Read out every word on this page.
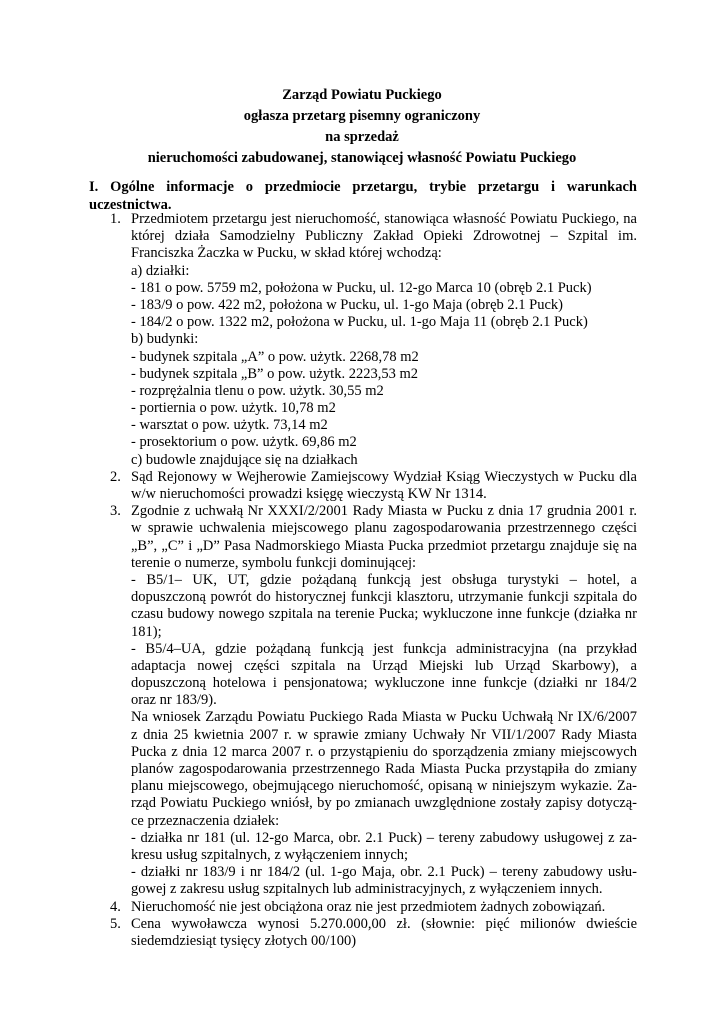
Zarząd Powiatu Puckiego
ogłasza przetarg pisemny ograniczony
na sprzedaż
nieruchomości zabudowanej, stanowiącej własność Powiatu Puckiego
I. Ogólne informacje o przedmiocie przetargu, trybie przetargu i warunkach
uczestnictwa.
1. Przedmiotem przetargu jest nieruchomość, stanowiąca własność Powiatu Puckiego, na
której działa Samodzielny Publiczny Zakład Opieki Zdrowotnej – Szpital im.
Franciszka Żaczka w Pucku, w skład której wchodzą:
a) działki:
- 181 o pow. 5759 m2, położona w Pucku, ul. 12-go Marca 10 (obręb 2.1 Puck)
- 183/9 o pow. 422 m2, położona w Pucku, ul. 1-go Maja (obręb 2.1 Puck)
- 184/2 o pow. 1322 m2, położona w Pucku, ul. 1-go Maja 11 (obręb 2.1 Puck)
b) budynki:
- budynek szpitala „A” o pow. użytk. 2268,78 m2
- budynek szpitala „B” o pow. użytk. 2223,53 m2
- rozprężalnia tlenu o pow. użytk. 30,55 m2
- portiernia o pow. użytk. 10,78 m2
- warsztat o pow. użytk. 73,14 m2
- prosektorium o pow. użytk. 69,86 m2
c) budowle znajdujące się na działkach
2. Sąd Rejonowy w Wejherowie Zamiejscowy Wydział Ksiąg Wieczystych w Pucku dla
w/w nieruchomości prowadzi księgę wieczystą KW Nr 1314.
3. Zgodnie z uchwałą Nr XXXI/2/2001 Rady Miasta w Pucku z dnia 17 grudnia 2001 r.
w sprawie uchwalenia miejscowego planu zagospodarowania przestrzennego części
„B”, „C” i „D” Pasa Nadmorskiego Miasta Pucka przedmiot przetargu znajduje się na
terenie o numerze, symbolu funkcji dominującej:
- B5/1– UK, UT, gdzie pożądaną funkcją jest obsługa turystyki – hotel, a
dopuszczoną powrót do historycznej funkcji klasztoru, utrzymanie funkcji szpitala do
czasu budowy nowego szpitala na terenie Pucka; wykluczone inne funkcje (działka nr
181);
- B5/4–UA, gdzie pożądaną funkcją jest funkcja administracyjna (na przykład
adaptacja nowej części szpitala na Urząd Miejski lub Urząd Skarbowy), a
dopuszczoną hotelowa i pensjonatowa; wykluczone inne funkcje (działki nr 184/2
oraz nr 183/9).
Na wniosek Zarządu Powiatu Puckiego Rada Miasta w Pucku Uchwałą Nr IX/6/2007
z dnia 25 kwietnia 2007 r. w sprawie zmiany Uchwały Nr VII/1/2007 Rady Miasta
Pucka z dnia 12 marca 2007 r. o przystąpieniu do sporządzenia zmiany miejscowych
planów zagospodarowania przestrzennego Rada Miasta Pucka przystąpiła do zmiany
planu miejscowego, obejmującego nieruchomość, opisaną w niniejszym wykazie. Za-
rząd Powiatu Puckiego wniósł, by po zmianach uwzględnione zostały zapisy dotyczą-
ce przeznaczenia działek:
- działka nr 181 (ul. 12-go Marca, obr. 2.1 Puck) – tereny zabudowy usługowej z za-
kresu usług szpitalnych, z wyłączeniem innych;
- działki nr 183/9 i nr 184/2 (ul. 1-go Maja, obr. 2.1 Puck) – tereny zabudowy usłu-
gowej z zakresu usług szpitalnych lub administracyjnych, z wyłączeniem innych.
4. Nieruchomość nie jest obciążona oraz nie jest przedmiotem żadnych zobowiązań.
5. Cena wywoławcza wynosi 5.270.000,00 zł. (słownie: pięć milionów dwieście
siedemdziesiąt tysięcy złotych 00/100)
